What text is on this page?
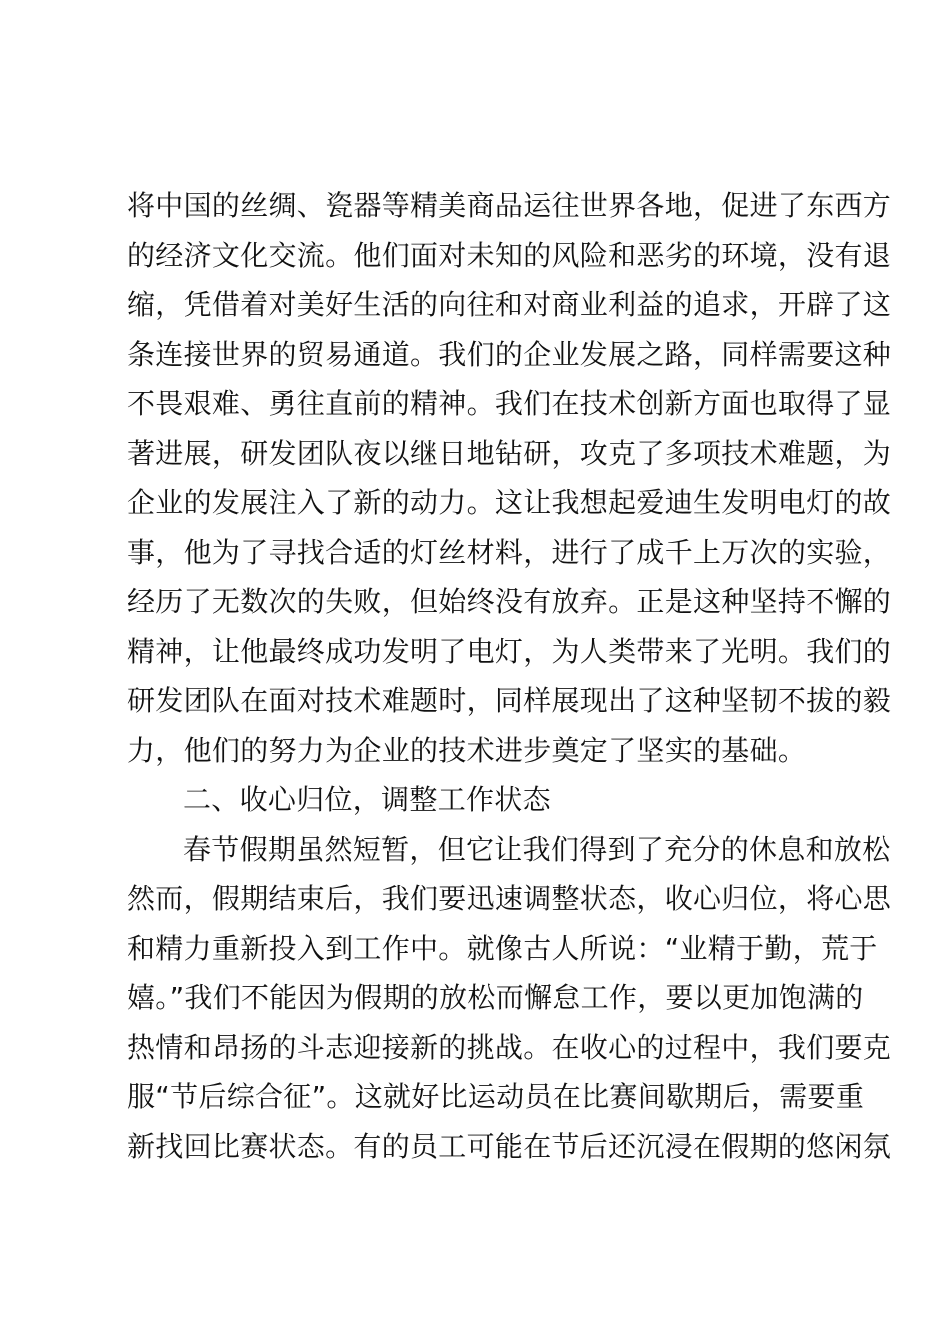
将中国的丝绸、瓷器等精美商品运往世界各地，促进了东西方
的经济文化交流。他们面对未知的风险和恶劣的环境，没有退
缩，凭借着对美好生活的向往和对商业利益的追求，开辟了这
条连接世界的贸易通道。我们的企业发展之路，同样需要这种
不畏艰难、勇往直前的精神。我们在技术创新方面也取得了显
著进展，研发团队夜以继日地钻研，攻克了多项技术难题，为
企业的发展注入了新的动力。这让我想起爱迪生发明电灯的故
事，他为了寻找合适的灯丝材料，进行了成千上万次的实验，
经历了无数次的失败，但始终没有放弃。正是这种坚持不懈的
精神，让他最终成功发明了电灯，为人类带来了光明。我们的
研发团队在面对技术难题时，同样展现出了这种坚韧不拔的毅
力，他们的努力为企业的技术进步奠定了坚实的基础。
二、收心归位，调整工作状态
春节假期虽然短暂，但它让我们得到了充分的休息和放松
然而，假期结束后，我们要迅速调整状态，收心归位，将心思
和精力重新投入到工作中。就像古人所说：“业精于勤，荒于
嬉。”我们不能因为假期的放松而懈怠工作，要以更加饱满的
热情和昂扬的斗志迎接新的挑战。在收心的过程中，我们要克
服“节后综合征”。这就好比运动员在比赛间歇期后，需要重
新找回比赛状态。有的员工可能在节后还沉浸在假期的悠闲氛
